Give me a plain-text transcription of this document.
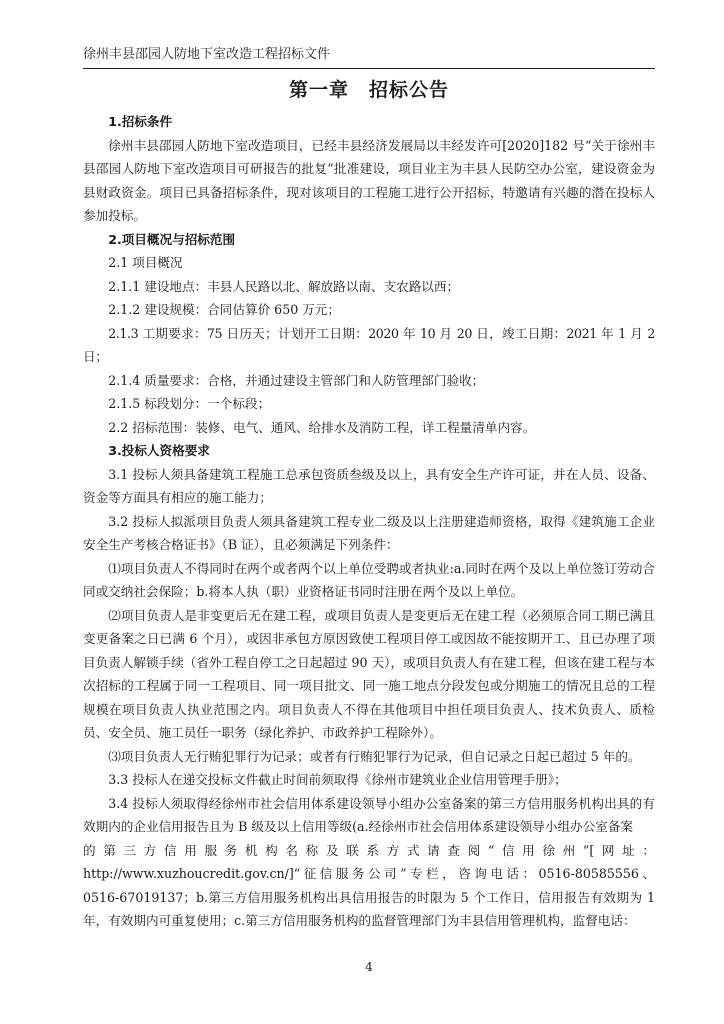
徐州丰县邵园人防地下室改造工程招标文件
第一章　招标公告

1.招标条件

徐州丰县邵园人防地下室改造项目，已经丰县经济发展局以丰经发许可[2020]182 号“关于徐州丰县邵园人防地下室改造项目可研报告的批复”批准建设，项目业主为丰县人民防空办公室，建设资金为县财政资金。项目已具备招标条件，现对该项目的工程施工进行公开招标，特邀请有兴趣的潜在投标人参加投标。

2.项目概况与招标范围

2.1 项目概况

2.1.1 建设地点：丰县人民路以北、解放路以南、支农路以西；

2.1.2 建设规模：合同估算价 650 万元；

2.1.3 工期要求：75 日历天；计划开工日期：2020 年 10 月 20 日，竣工日期：2021 年 1 月 2 日；

2.1.4 质量要求：合格，并通过建设主管部门和人防管理部门验收；

2.1.5 标段划分：一个标段；

2.2 招标范围：装修、电气、通风、给排水及消防工程，详工程量清单内容。

3.投标人资格要求

3.1 投标人须具备建筑工程施工总承包资质叁级及以上，具有安全生产许可证，并在人员、设备、资金等方面具有相应的施工能力；

3.2 投标人拟派项目负责人须具备建筑工程专业二级及以上注册建造师资格，取得《建筑施工企业安全生产考核合格证书》（B 证），且必须满足下列条件：

⑴项目负责人不得同时在两个或者两个以上单位受聘或者执业:a.同时在两个及以上单位签订劳动合同或交纳社会保险；b.将本人执（职）业资格证书同时注册在两个及以上单位。

⑵项目负责人是非变更后无在建工程，或项目负责人是变更后无在建工程（必须原合同工期已满且变更备案之日已满 6 个月），或因非承包方原因致使工程项目停工或因故不能按期开工、且已办理了项目负责人解锁手续（省外工程自停工之日起超过 90 天），或项目负责人有在建工程，但该在建工程与本次招标的工程属于同一工程项目、同一项目批文、同一施工地点分段发包或分期施工的情况且总的工程规模在项目负责人执业范围之内。项目负责人不得在其他项目中担任项目负责人、技术负责人、质检员、安全员、施工员任一职务（绿化养护、市政养护工程除外）。

⑶项目负责人无行贿犯罪行为记录；或者有行贿犯罪行为记录，但自记录之日起已超过 5 年的。

3.3 投标人在递交投标文件截止时间前须取得《徐州市建筑业企业信用管理手册》；

3.4 投标人须取得经徐州市社会信用体系建设领导小组办公室备案的第三方信用服务机构出具的有效期内的企业信用报告且为 B 级及以上信用等级(a.经徐州市社会信用体系建设领导小组办公室备案

的第三方信用服务机构名称及联系方式请查阅“信用徐州”[网址：

http://www.xuzhoucredit.gov.cn/]“征信服务公司”专栏，咨询电话：0516-80585556、

0516-67019137；b.第三方信用服务机构出具信用报告的时限为 5 个工作日，信用报告有效期为 1 年，有效期内可重复使用；c.第三方信用服务机构的监督管理部门为丰县信用管理机构，监督电话：

4
